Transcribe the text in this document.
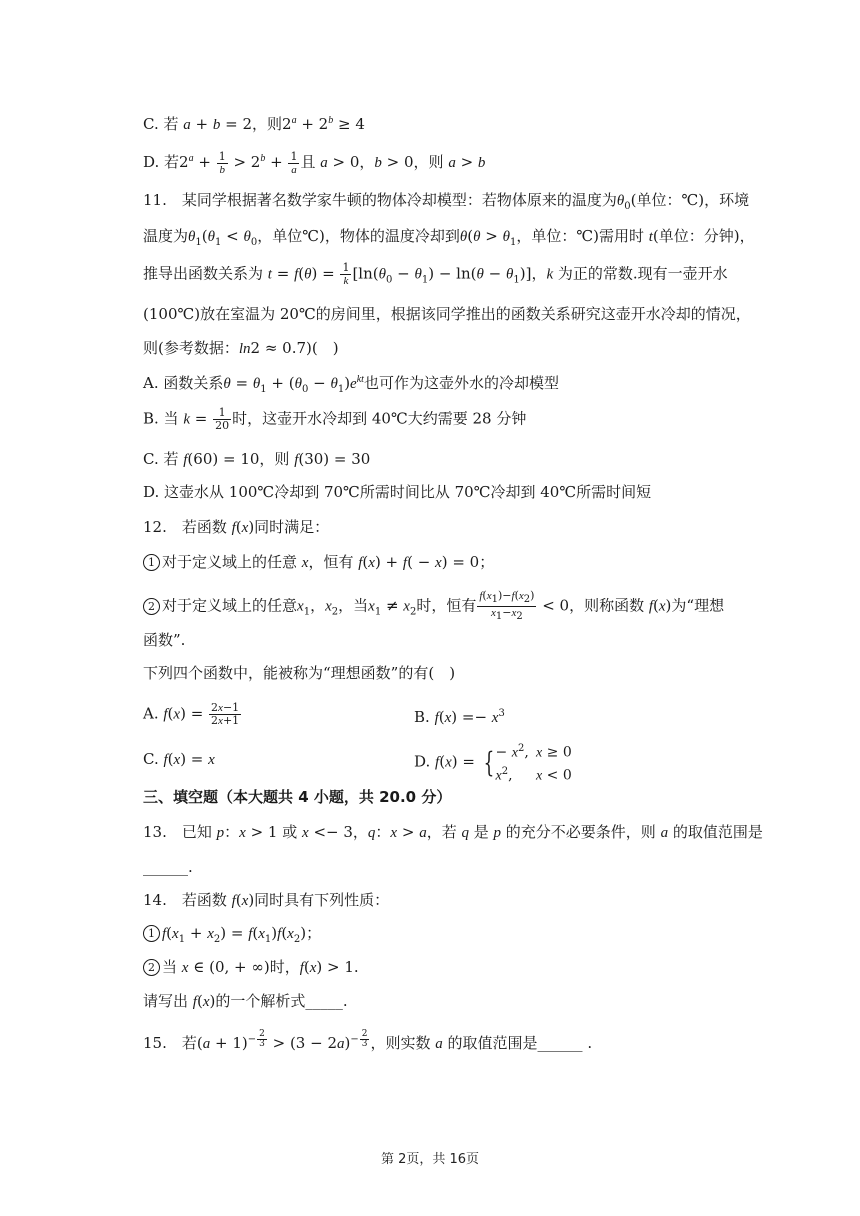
C. 若 a + b = 2，则$2^a + 2^b \ge 4$
D. 若$2^a + \frac{1}{b} > 2^b + \frac{1}{a}$ 且 a > 0，b > 0，则 a > b
11.　某同学根据著名数学家牛顿的物体冷却模型：若物体原来的温度为$\theta_0$(单位：℃)，环境
温度为$\theta_1(\theta_1 < \theta_0$，单位℃)，物体的温度冷却到$\theta(\theta > \theta_1$，单位：℃)需用时 t(单位：分钟)，
推导出函数关系为 $t = f(\theta) = \frac{1}{k} [\ln(\theta_0 - \theta_1) - \ln(\theta - \theta_1)]$，k 为正的常数.现有一壶开水
(100℃)放在室温为 20℃的房间里，根据该同学推出的函数关系研究这壶开水冷却的情况，
则(参考数据：ln2 ≈ 0.7)(　)
A. 函数关系$\theta = \theta_1 + (\theta_0 - \theta_1)e^{kt}$也可作为这壶外水的冷却模型
B. 当 $k = \frac{1}{20}$ 时，这壶开水冷却到 40℃大约需要 28 分钟
C. 若 f(60) = 10，则 f(30) = 30
D. 这壶水从 100℃冷却到 70℃所需时间比从 70℃冷却到 40℃所需时间短
12.　若函数 f(x)同时满足：
1 对于定义域上的任意 x，恒有 f(x) + f( − x) = 0；
2 对于定义域上的任意$x_1$，$x_2$，当$x_1 \ne x_2$时，恒有 $\frac{f(x_1)-f(x_2)}{x_1-x_2} < 0$，则称函数 f(x)为“理想
函数”.
下列四个函数中，能被称为“理想函数”的有(　)
A. $f(x) = \frac{2x-1}{2x+1}$	B. $f(x) =- x^3$
C. f(x) = x	D. f(x) = { − $x^2$, x ≥ 0
$x^2$, x < 0
三、填空题（本大题共 4 小题，共 20.0 分）
13.　已知 p：x > 1 或 x <− 3，q：x > a，若 q 是 p 的充分不必要条件，则 a 的取值范围是
______.
14.　若函数 f(x)同时具有下列性质：
1 $f(x_1 + x_2) = f(x_1)f(x_2)$；
2 当 x ∈ (0, + ∞)时，f(x) > 1.
请写出 f(x)的一个解析式_____.
15.　若$(a + 1)^{- \frac{2}{3}} > (3 - 2a)^{- \frac{2}{3}}$ ，则实数 a 的取值范围是______ .
第 2页，共 16页
